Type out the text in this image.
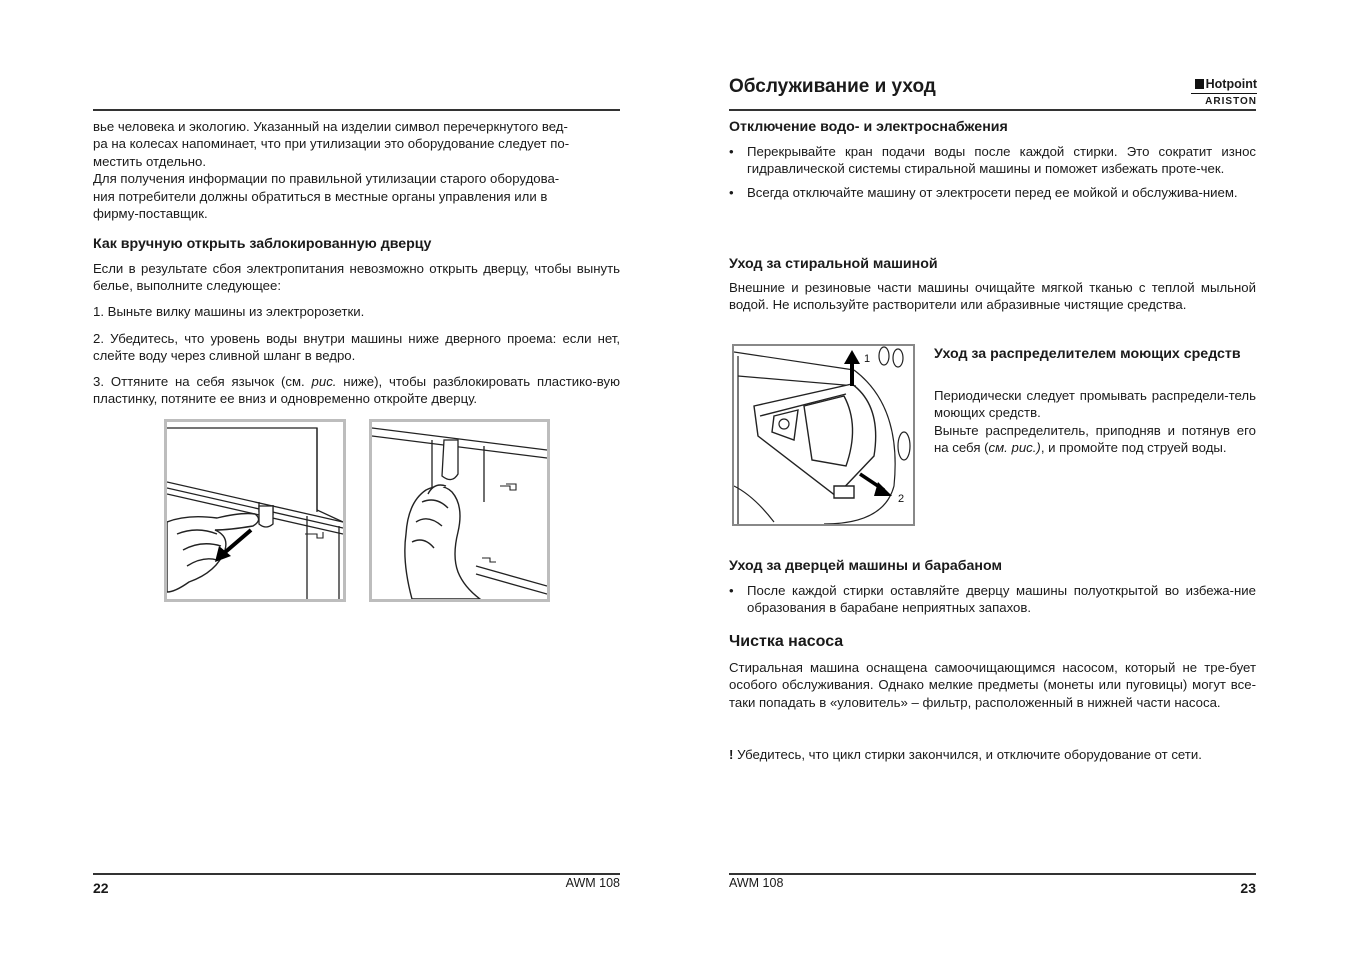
вье человека и экологию. Указанный на изделии символ перечеркнутого вед-
ра на колесах напоминает, что при утилизации это оборудование следует по-
местить отдельно.
Для получения информации по правильной утилизации старого оборудова-
ния потребители должны обратиться в местные органы управления или в
фирму-поставщик.
Как вручную открыть заблокированную дверцу

Если в результате сбоя электропитания невозможно открыть дверцу, чтобы вынуть белье, выполните следующее:

1. Выньте вилку машины из электророзетки.

2. Убедитесь, что уровень воды внутри машины ниже дверного проема: если нет, слейте воду через сливной шланг в ведро.

3. Оттяните на себя язычок (см. рис. ниже), чтобы разблокировать пластико-вую пластинку, потяните ее вниз и одновременно откройте дверцу.

22	AWM 108
Обслуживание и уход	Hotpoint
ARISTON
Отключение водо- и электроснабжения
• Перекрывайте кран подачи воды после каждой стирки. Это сократит износ гидравлической системы стиральной машины и поможет избежать проте-чек.
• Всегда отключайте машину от электросети перед ее мойкой и обслужива-нием.
Уход за стиральной машиной

Внешние и резиновые части машины очищайте мягкой тканью с теплой мыльной водой. Не используйте растворители или абразивные чистящие средства.

1
2
Уход за распределителем моющих средств

Периодически следует промывать распредели-тель моющих средств.

Выньте распределитель, приподняв и потянув его на себя (см. рис.), и промойте под струей воды.

Уход за дверцей машины и барабаном
• После каждой стирки оставляйте дверцу машины полуоткрытой во избежа-ние образования в барабане неприятных запахов.
Чистка насоса

Стиральная машина оснащена самоочищающимся насосом, который не тре-бует особого обслуживания. Однако мелкие предметы (монеты или пуговицы) могут все-таки попадать в «уловитель» – фильтр, расположенный в нижней части насоса.

! Убедитесь, что цикл стирки закончился, и отключите оборудование от сети.

AWM 108	23
